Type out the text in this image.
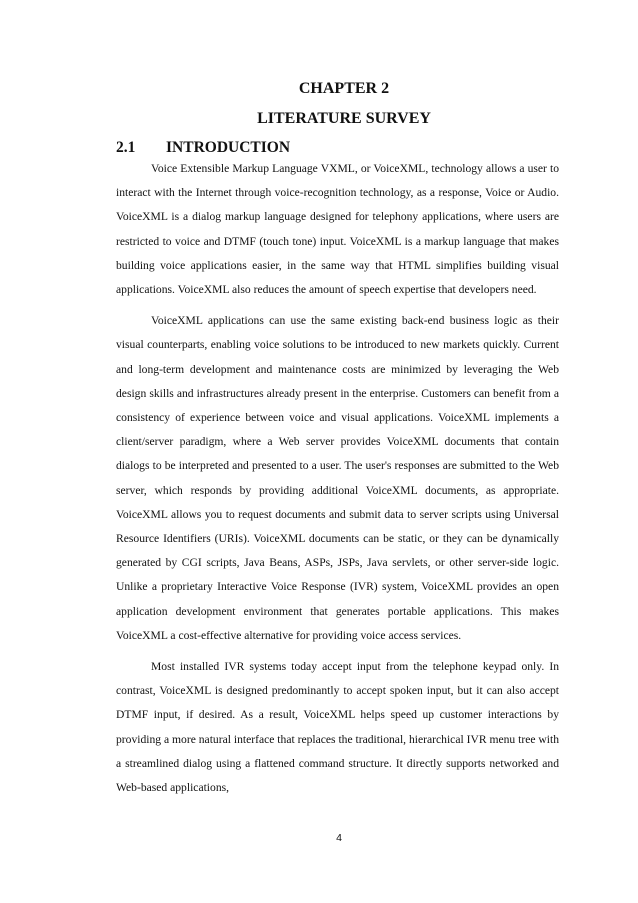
CHAPTER 2
LITERATURE SURVEY
2.1 INTRODUCTION

Voice Extensible Markup Language VXML, or VoiceXML, technology allows a user to interact with the Internet through voice-recognition technology, as a response, Voice or Audio. VoiceXML is a dialog markup language designed for telephony applications, where users are restricted to voice and DTMF (touch tone) input. VoiceXML is a markup language that makes building voice applications easier, in the same way that HTML simplifies building visual applications. VoiceXML also reduces the amount of speech expertise that developers need.

VoiceXML applications can use the same existing back-end business logic as their visual counterparts, enabling voice solutions to be introduced to new markets quickly. Current and long-term development and maintenance costs are minimized by leveraging the Web design skills and infrastructures already present in the enterprise. Customers can benefit from a consistency of experience between voice and visual applications. VoiceXML implements a client/server paradigm, where a Web server provides VoiceXML documents that contain dialogs to be interpreted and presented to a user. The user's responses are submitted to the Web server, which responds by providing additional VoiceXML documents, as appropriate. VoiceXML allows you to request documents and submit data to server scripts using Universal Resource Identifiers (URIs). VoiceXML documents can be static, or they can be dynamically generated by CGI scripts, Java Beans, ASPs, JSPs, Java servlets, or other server-side logic. Unlike a proprietary Interactive Voice Response (IVR) system, VoiceXML provides an open application development environment that generates portable applications. This makes VoiceXML a cost-effective alternative for providing voice access services.

Most installed IVR systems today accept input from the telephone keypad only. In contrast, VoiceXML is designed predominantly to accept spoken input, but it can also accept DTMF input, if desired. As a result, VoiceXML helps speed up customer interactions by providing a more natural interface that replaces the traditional, hierarchical IVR menu tree with a streamlined dialog using a flattened command structure. It directly supports networked and Web-based applications,

4
